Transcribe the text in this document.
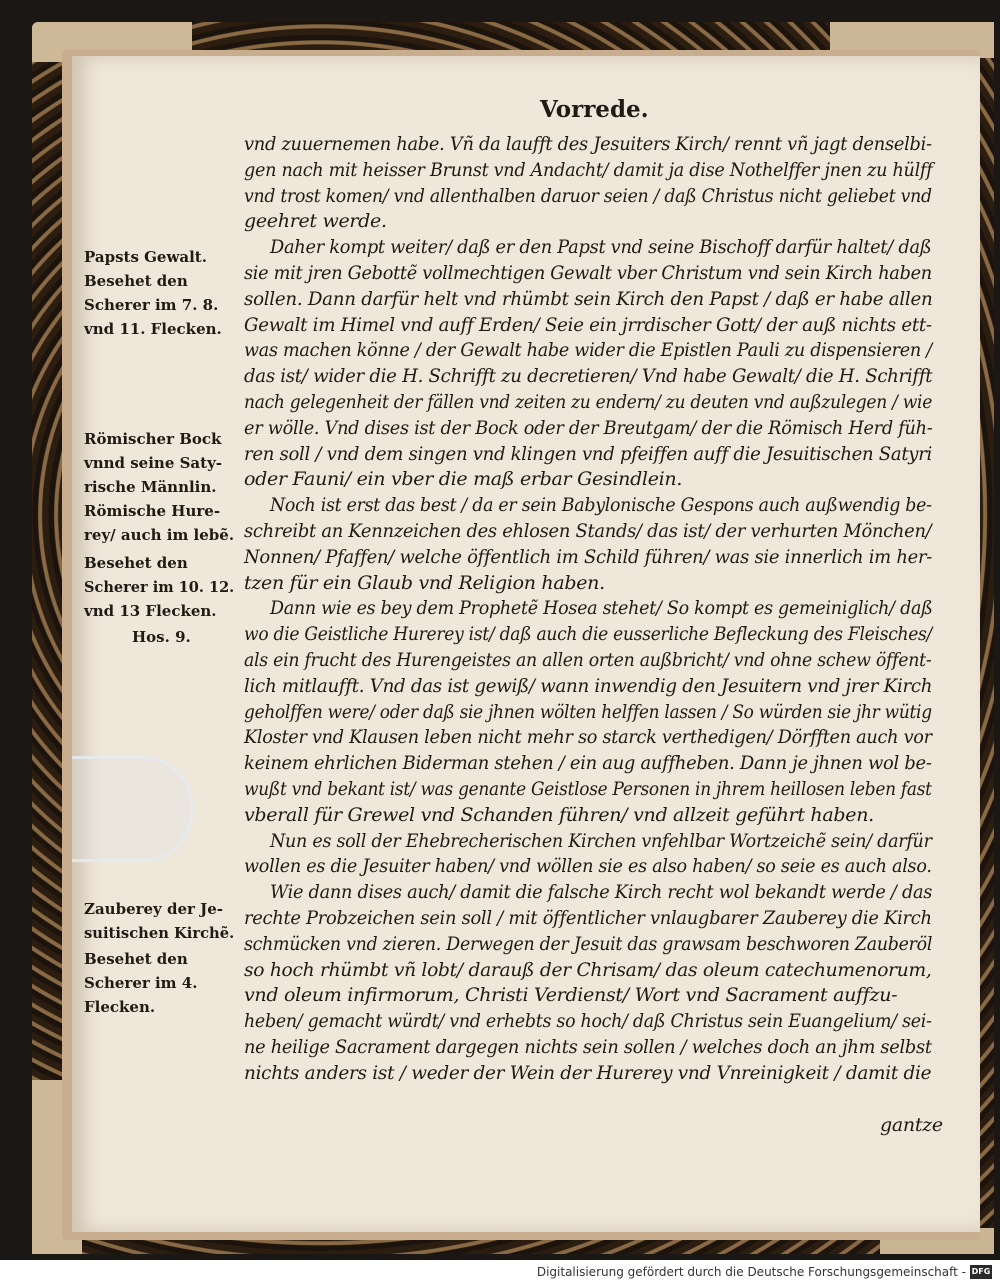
Vorrede.
vnd zuuernemen habe. Vñ da laufft des Jesuiters Kirch/ rennt vñ jagt denselbi-
gen nach mit heisser Brunst vnd Andacht/ damit ja dise Nothelffer jnen zu hülff
vnd trost komen/ vnd allenthalben daruor seien / daß Christus nicht geliebet vnd
geehret werde.
Daher kompt weiter/ daß er den Papst vnd seine Bischoff darfür haltet/ daß
sie mit jren Gebottẽ vollmechtigen Gewalt vber Christum vnd sein Kirch haben
sollen. Dann darfür helt vnd rhümbt sein Kirch den Papst / daß er habe allen
Gewalt im Himel vnd auff Erden/ Seie ein jrrdischer Gott/ der auß nichts ett-
was machen könne / der Gewalt habe wider die Epistlen Pauli zu dispensieren /
das ist/ wider die H. Schrifft zu decretieren/ Vnd habe Gewalt/ die H. Schrifft
nach gelegenheit der fällen vnd zeiten zu endern/ zu deuten vnd außzulegen / wie
er wölle. Vnd dises ist der Bock oder der Breutgam/ der die Römisch Herd füh-
ren soll / vnd dem singen vnd klingen vnd pfeiffen auff die Jesuitischen Satyri
oder Fauni/ ein vber die maß erbar Gesindlein.
Noch ist erst das best / da er sein Babylonische Gespons auch außwendig be-
schreibt an Kennzeichen des ehlosen Stands/ das ist/ der verhurten Mönchen/
Nonnen/ Pfaffen/ welche öffentlich im Schild führen/ was sie innerlich im her-
tzen für ein Glaub vnd Religion haben.
Dann wie es bey dem Prophetẽ Hosea stehet/ So kompt es gemeiniglich/ daß
wo die Geistliche Hurerey ist/ daß auch die eusserliche Befleckung des Fleisches/
als ein frucht des Hurengeistes an allen orten außbricht/ vnd ohne schew öffent-
lich mitlaufft. Vnd das ist gewiß/ wann inwendig den Jesuitern vnd jrer Kirch
geholffen were/ oder daß sie jhnen wölten helffen lassen / So würden sie jhr wütig
Kloster vnd Klausen leben nicht mehr so starck verthedigen/ Dörfften auch vor
keinem ehrlichen Biderman stehen / ein aug auffheben. Dann je jhnen wol be-
wußt vnd bekant ist/ was genante Geistlose Personen in jhrem heillosen leben fast
vberall für Grewel vnd Schanden führen/ vnd allzeit geführt haben.
Nun es soll der Ehebrecherischen Kirchen vnfehlbar Wortzeichẽ sein/ darfür
wollen es die Jesuiter haben/ vnd wöllen sie es also haben/ so seie es auch also.
Wie dann dises auch/ damit die falsche Kirch recht wol bekandt werde / das
rechte Probzeichen sein soll / mit öffentlicher vnlaugbarer Zauberey die Kirch
schmücken vnd zieren. Derwegen der Jesuit das grawsam beschworen Zauberöl
so hoch rhümbt vñ lobt/ darauß der Chrisam/ das oleum catechumenorum,
vnd oleum infirmorum, Christi Verdienst/ Wort vnd Sacrament auffzu-
heben/ gemacht würdt/ vnd erhebts so hoch/ daß Christus sein Euangelium/ sei-
ne heilige Sacrament dargegen nichts sein sollen / welches doch an jhm selbst
nichts anders ist / weder der Wein der Hurerey vnd Vnreinigkeit / damit die
Papsts Gewalt.
Besehet den
Scherer im 7. 8.
vnd 11. Flecken.
Römischer Bock
vnnd seine Saty-
rische Männlin.
Römische Hure-
rey/ auch im lebẽ.
Besehet den
Scherer im 10. 12.
vnd 13 Flecken.
Hos. 9.
Zauberey der Je-
suitischen Kirchẽ.
Besehet den
Scherer im 4.
Flecken.
gantze
Digitalisierung gefördert durch die Deutsche Forschungsgemeinschaft - DFG
